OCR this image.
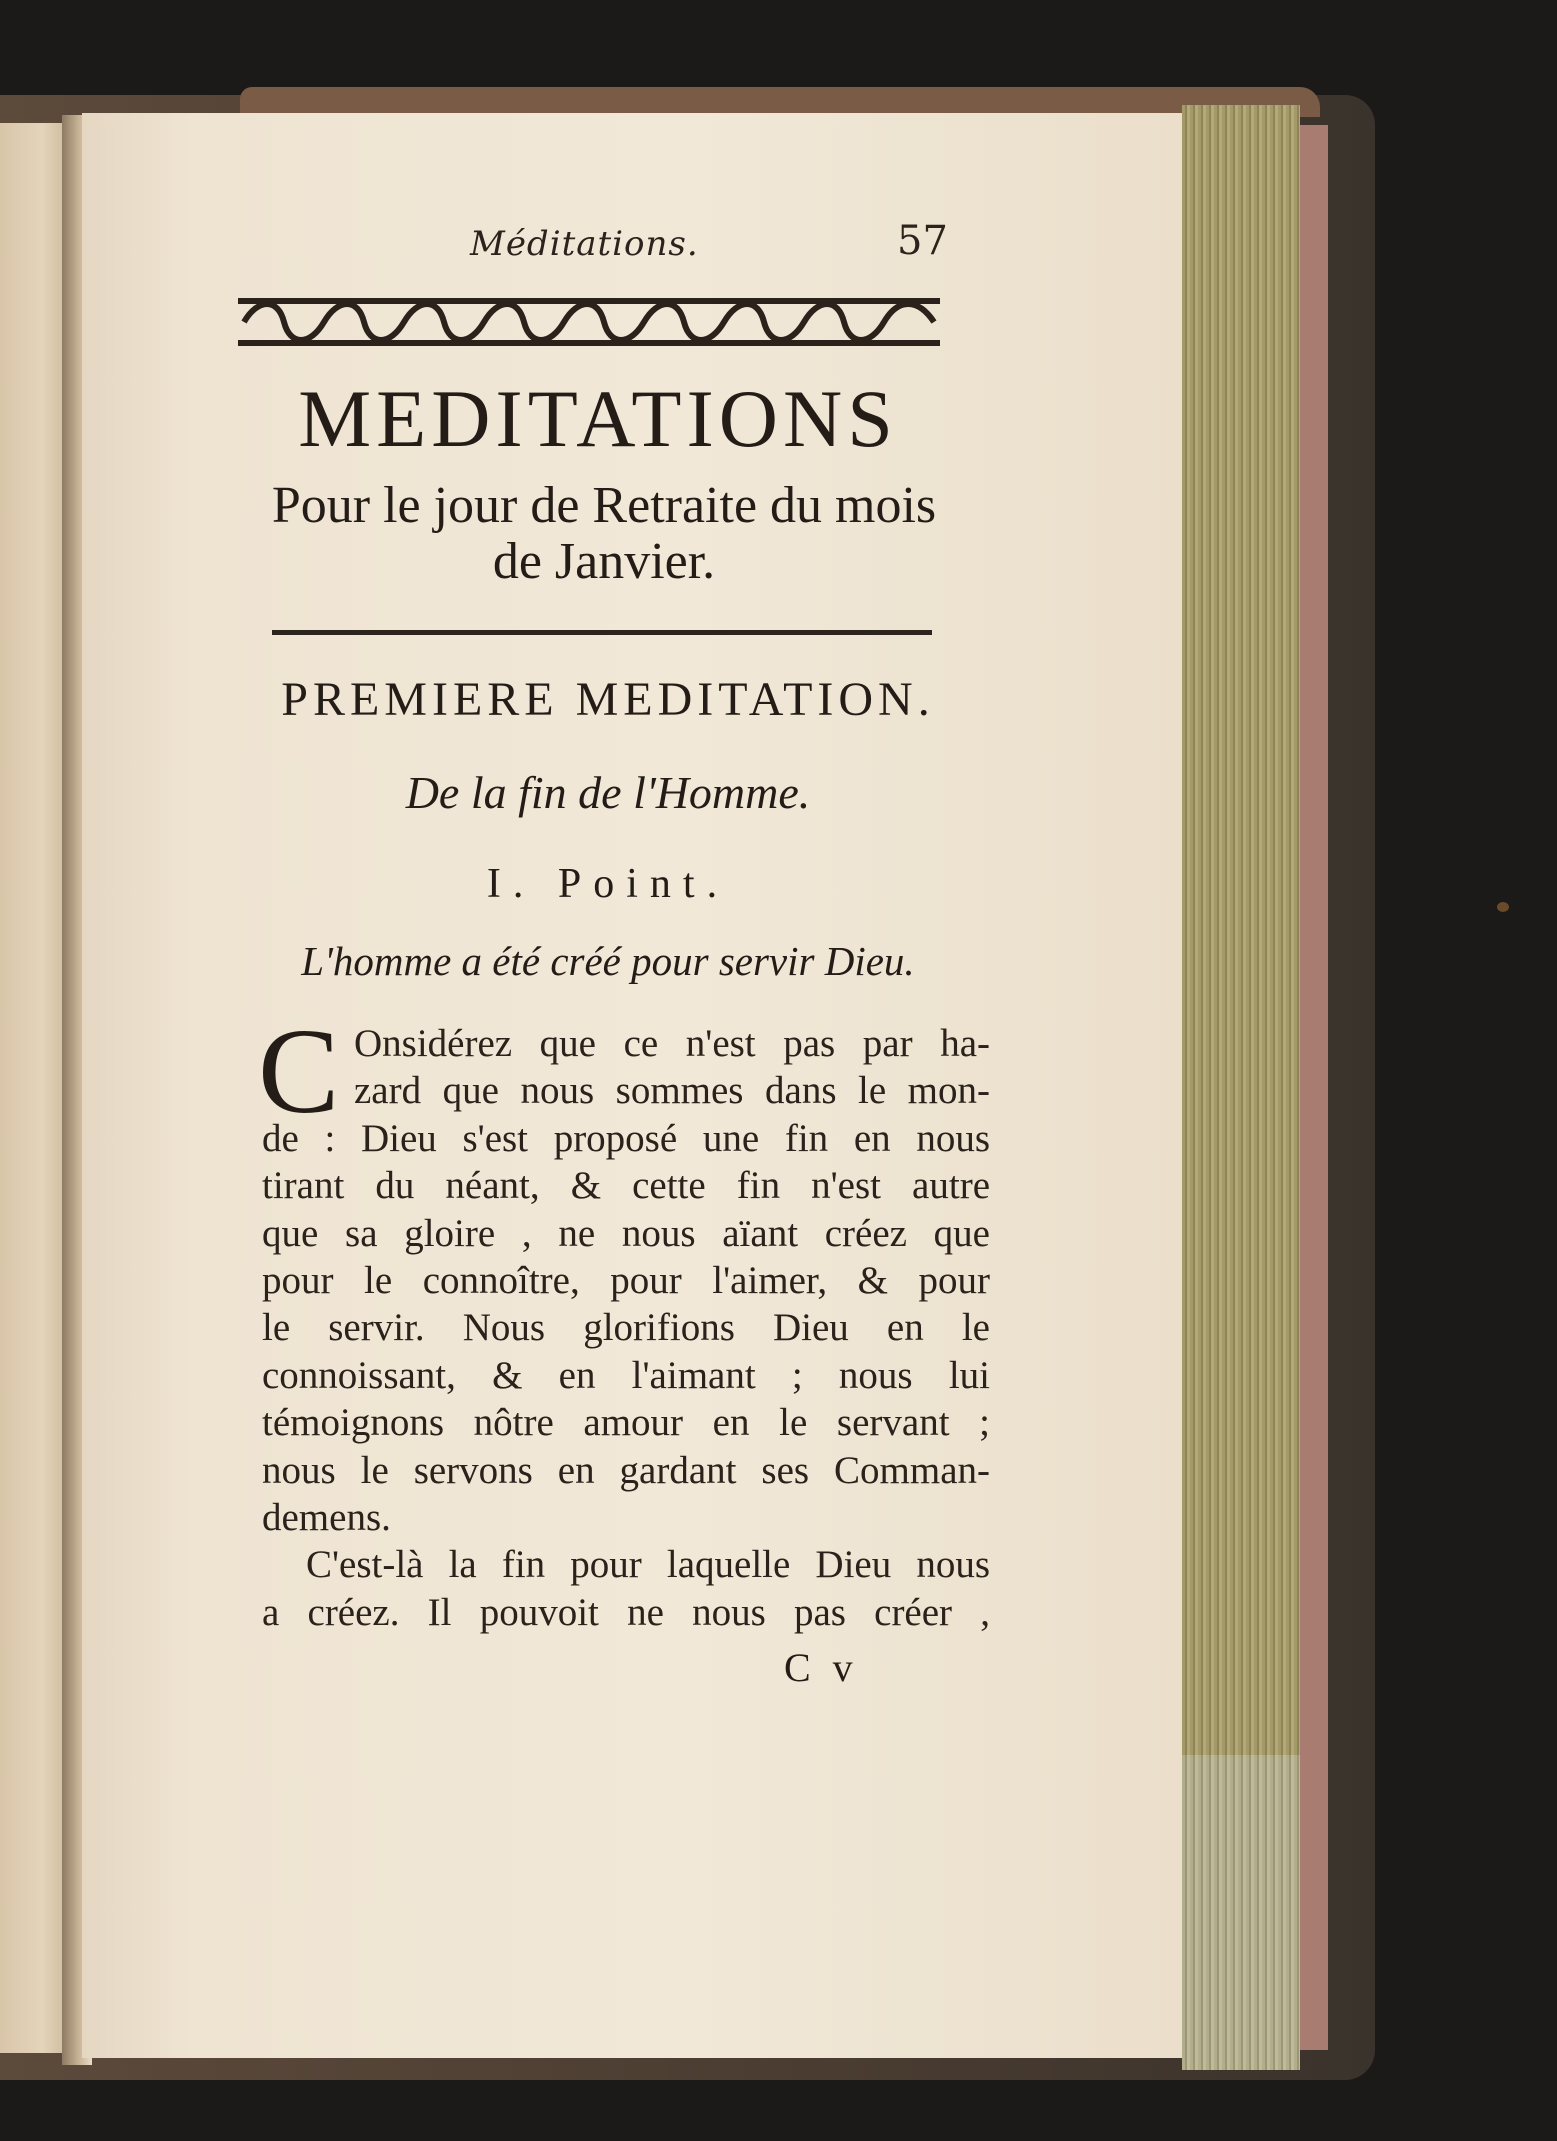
Méditations.	57
MEDITATIONS
Pour le jour de Retraite du mois
de Janvier.
PREMIERE MEDITATION.
De la fin de l'Homme.
I. Point.
L'homme a été créé pour servir Dieu.
C Onsidérez que ce n'est pas par ha-
zard que nous sommes dans le mon-
de : Dieu s'est proposé une fin en nous
tirant du néant, & cette fin n'est autre
que sa gloire , ne nous aïant créez que
pour le connoître, pour l'aimer, & pour
le servir. Nous glorifions Dieu en le
connoissant, & en l'aimant ; nous lui
témoignons nôtre amour en le servant ;
nous le servons en gardant ses Comman-
demens.
C'est-là la fin pour laquelle Dieu nous
a créez. Il pouvoit ne nous pas créer ,
C v
